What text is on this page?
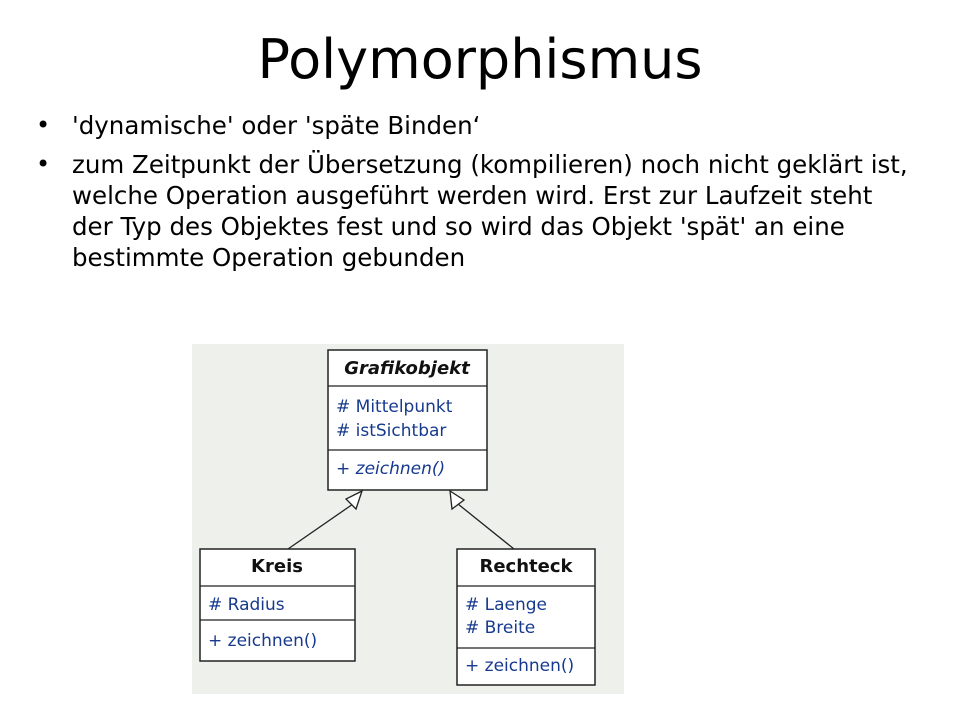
Polymorphismus
• 'dynamische' oder 'späte Binden‘
• zum Zeitpunkt der Übersetzung (kompilieren) noch nicht geklärt ist, welche Operation ausgeführt werden wird. Erst zur Laufzeit steht der Typ des Objektes fest und so wird das Objekt 'spät' an eine bestimmte Operation gebunden
Grafikobjekt
# Mittelpunkt
# istSichtbar
+ zeichnen()
Kreis
# Radius
+ zeichnen()
Rechteck
# Laenge
# Breite
+ zeichnen()
